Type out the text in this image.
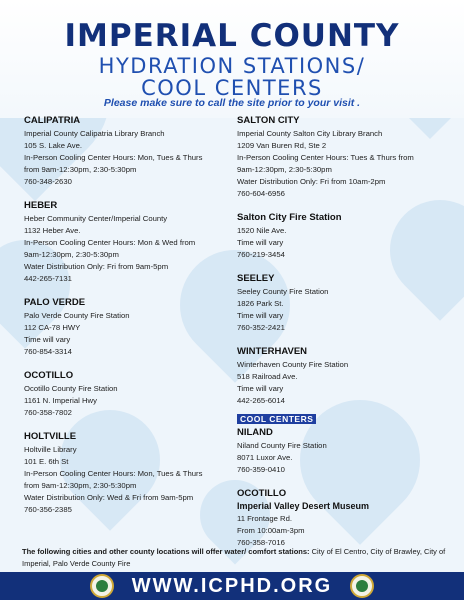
IMPERIAL COUNTY
HYDRATION STATIONS/
COOL CENTERS
Please make sure to call the site prior to your visit .
CALIPATRIA
Imperial County Calipatria Library Branch
105 S. Lake Ave.
In-Person Cooling Center Hours: Mon, Tues & Thurs
from 9am-12:30pm, 2:30-5:30pm
760-348-2630
HEBER
Heber Community Center/Imperial County
1132 Heber Ave.
In-Person Cooling Center Hours: Mon & Wed from
9am-12:30pm, 2:30-5:30pm
Water Distribution Only: Fri from 9am-5pm
442-265-7131
PALO VERDE
Palo Verde County Fire Station
112 CA-78 HWY
Time will vary
760-854-3314
OCOTILLO
Ocotillo County Fire Station
1161 N. Imperial Hwy
760-358-7802
HOLTVILLE
Holtville Library
101 E. 6th St
In-Person Cooling Center Hours: Mon, Tues & Thurs
from 9am-12:30pm, 2:30-5:30pm
Water Distribution Only: Wed & Fri from 9am-5pm
760-356-2385
SALTON CITY
Imperial County Salton City Library Branch
1209 Van Buren Rd, Ste 2
In-Person Cooling Center Hours: Tues & Thurs from
9am-12:30pm, 2:30-5:30pm
Water Distribution Only: Fri from 10am-2pm
760-604-6956
Salton City Fire Station
1520 Nile Ave.
Time will vary
760-219-3454
SEELEY
Seeley County Fire Station
1826 Park St.
Time will vary
760-352-2421
WINTERHAVEN
Winterhaven County Fire Station
518 Railroad Ave.
Time will vary
442-265-6014
COOL CENTERS
NILAND
Niland County Fire Station
8071 Luxor Ave.
760-359-0410
OCOTILLO
Imperial Valley Desert Museum
11 Frontage Rd.
From 10:00am-3pm
760-358-7016
The following cities and other county locations will offer water/ comfort stations: City of El Centro, City of Brawley, City of Imperial, Palo Verde County Fire
WWW.ICPHD.ORG
